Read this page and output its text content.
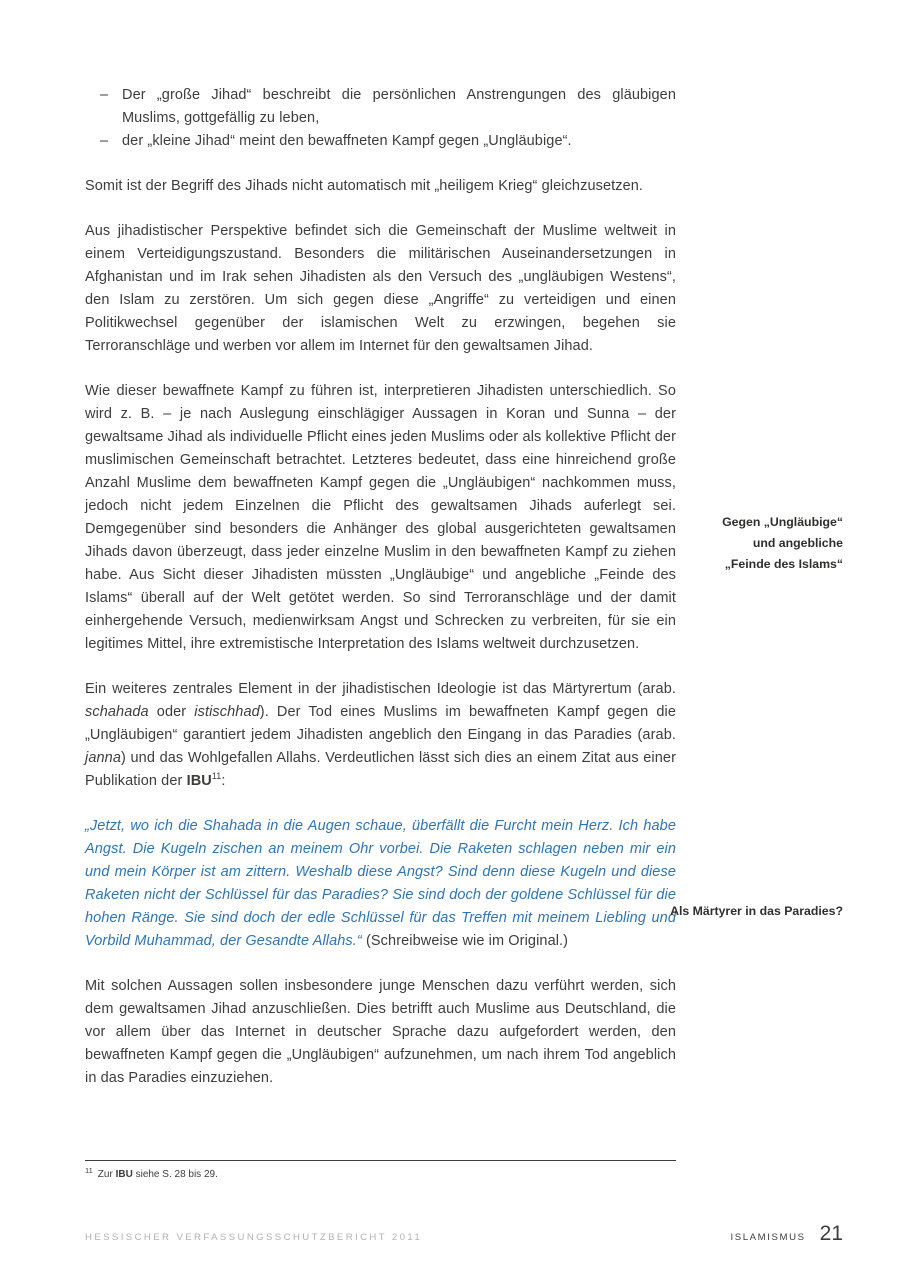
– Der „große Jihad“ beschreibt die persönlichen Anstrengungen des gläubigen Muslims, gottgefällig zu leben,
– der „kleine Jihad“ meint den bewaffneten Kampf gegen „Ungläubige“.

Somit ist der Begriff des Jihads nicht automatisch mit „heiligem Krieg“ gleichzusetzen.

Aus jihadistischer Perspektive befindet sich die Gemeinschaft der Muslime weltweit in einem Verteidigungszustand. Besonders die militärischen Auseinandersetzungen in Afghanistan und im Irak sehen Jihadisten als den Versuch des „ungläubigen Westens“, den Islam zu zerstören. Um sich gegen diese „Angriffe“ zu verteidigen und einen Politikwechsel gegenüber der islamischen Welt zu erzwingen, begehen sie Terroranschläge und werben vor allem im Internet für den gewaltsamen Jihad.

Wie dieser bewaffnete Kampf zu führen ist, interpretieren Jihadisten unterschiedlich. So wird z. B. – je nach Auslegung einschlägiger Aussagen in Koran und Sunna – der gewaltsame Jihad als individuelle Pflicht eines jeden Muslims oder als kollektive Pflicht der muslimischen Gemeinschaft betrachtet. Letzteres bedeutet, dass eine hinreichend große Anzahl Muslime dem bewaffneten Kampf gegen die „Ungläubigen“ nachkommen muss, jedoch nicht jedem Einzelnen die Pflicht des gewaltsamen Jihads auferlegt sei. Demgegenüber sind besonders die Anhänger des global ausgerichteten gewaltsamen Jihads davon überzeugt, dass jeder einzelne Muslim in den bewaffneten Kampf zu ziehen habe. Aus Sicht dieser Jihadisten müssten „Ungläubige“ und angebliche „Feinde des Islams“ überall auf der Welt getötet werden. So sind Terroranschläge und der damit einhergehende Versuch, medienwirksam Angst und Schrecken zu verbreiten, für sie ein legitimes Mittel, ihre extremistische Interpretation des Islams weltweit durchzusetzen.

Ein weiteres zentrales Element in der jihadistischen Ideologie ist das Märtyrertum (arab. schahada oder istischhad). Der Tod eines Muslims im bewaffneten Kampf gegen die „Ungläubigen“ garantiert jedem Jihadisten angeblich den Eingang in das Paradies (arab. janna) und das Wohlgefallen Allahs. Verdeutlichen lässt sich dies an einem Zitat aus einer Publikation der IBU$^{11}$:

„Jetzt, wo ich die Shahada in die Augen schaue, überfällt die Furcht mein Herz. Ich habe Angst. Die Kugeln zischen an meinem Ohr vorbei. Die Raketen schlagen neben mir ein und mein Körper ist am zittern. Weshalb diese Angst? Sind denn diese Kugeln und diese Raketen nicht der Schlüssel für das Paradies? Sie sind doch der goldene Schlüssel für die hohen Ränge. Sie sind doch der edle Schlüssel für das Treffen mit meinem Liebling und Vorbild Muhammad, der Gesandte Allahs.“ (Schreibweise wie im Original.)

Mit solchen Aussagen sollen insbesondere junge Menschen dazu verführt werden, sich dem gewaltsamen Jihad anzuschließen. Dies betrifft auch Muslime aus Deutschland, die vor allem über das Internet in deutscher Sprache dazu aufgefordert werden, den bewaffneten Kampf gegen die „Ungläubigen“ aufzunehmen, um nach ihrem Tod angeblich in das Paradies einzuziehen.

Gegen „Ungläubige“ und angebliche „Feinde des Islams“
Als Märtyrer in das Paradies?

$^{11}$ Zur IBU siehe S. 28 bis 29.

HESSISCHER VERFASSUNGSSCHUTZBERICHT 2011	ISLAMISMUS 21
